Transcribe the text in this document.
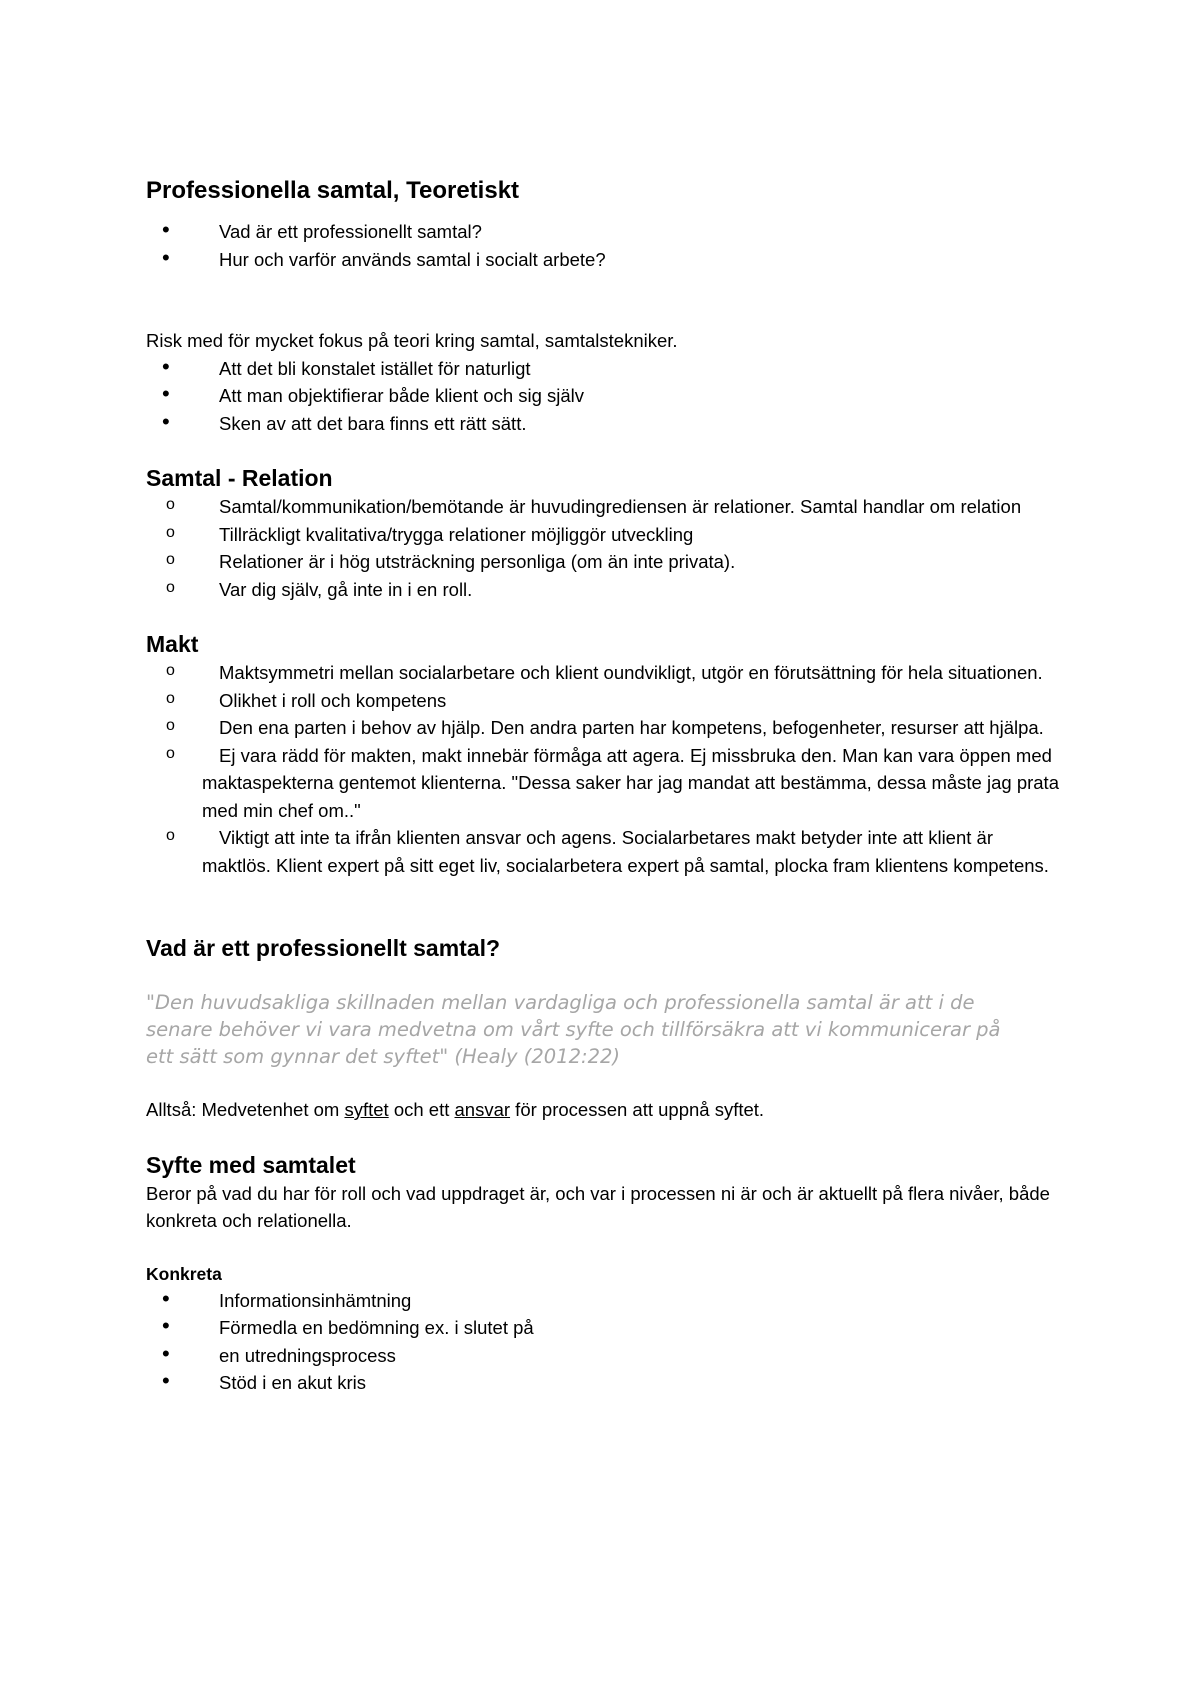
Professionella samtal, Teoretiskt
• Vad är ett professionellt samtal?
• Hur och varför används samtal i socialt arbete?

Risk med för mycket fokus på teori kring samtal, samtalstekniker.

• Att det bli konstalet istället för naturligt
• Att man objektifierar både klient och sig själv
• Sken av att det bara finns ett rätt sätt.
Samtal - Relation
o Samtal/kommunikation/bemötande är huvudingrediensen är relationer. Samtal handlar om relation
o Tillräckligt kvalitativa/trygga relationer möjliggör utveckling
o Relationer är i hög utsträckning personliga (om än inte privata).
o Var dig själv, gå inte in i en roll.
Makt
o Maktsymmetri mellan socialarbetare och klient oundvikligt, utgör en förutsättning för hela situationen.
o Olikhet i roll och kompetens
o Den ena parten i behov av hjälp. Den andra parten har kompetens, befogenheter, resurser att hjälpa.
o Ej vara rädd för makten, makt innebär förmåga att agera. Ej missbruka den. Man kan vara öppen med maktaspekterna gentemot klienterna. "Dessa saker har jag mandat att bestämma, dessa måste jag prata med min chef om.."
o Viktigt att inte ta ifrån klienten ansvar och agens. Socialarbetares makt betyder inte att klient är maktlös. Klient expert på sitt eget liv, socialarbetera expert på samtal, plocka fram klientens kompetens.
Vad är ett professionellt samtal?

"Den huvudsakliga skillnaden mellan vardagliga och professionella samtal är att i de senare behöver vi vara medvetna om vårt syfte och tillförsäkra att vi kommunicerar på ett sätt som gynnar det syftet" (Healy (2012:22)

Alltså: Medvetenhet om syftet och ett ansvar för processen att uppnå syftet.

Syfte med samtalet

Beror på vad du har för roll och vad uppdraget är, och var i processen ni är och är aktuellt på flera nivåer, både konkreta och relationella.

Konkreta
• Informationsinhämtning
• Förmedla en bedömning ex. i slutet på
• en utredningsprocess
• Stöd i en akut kris
